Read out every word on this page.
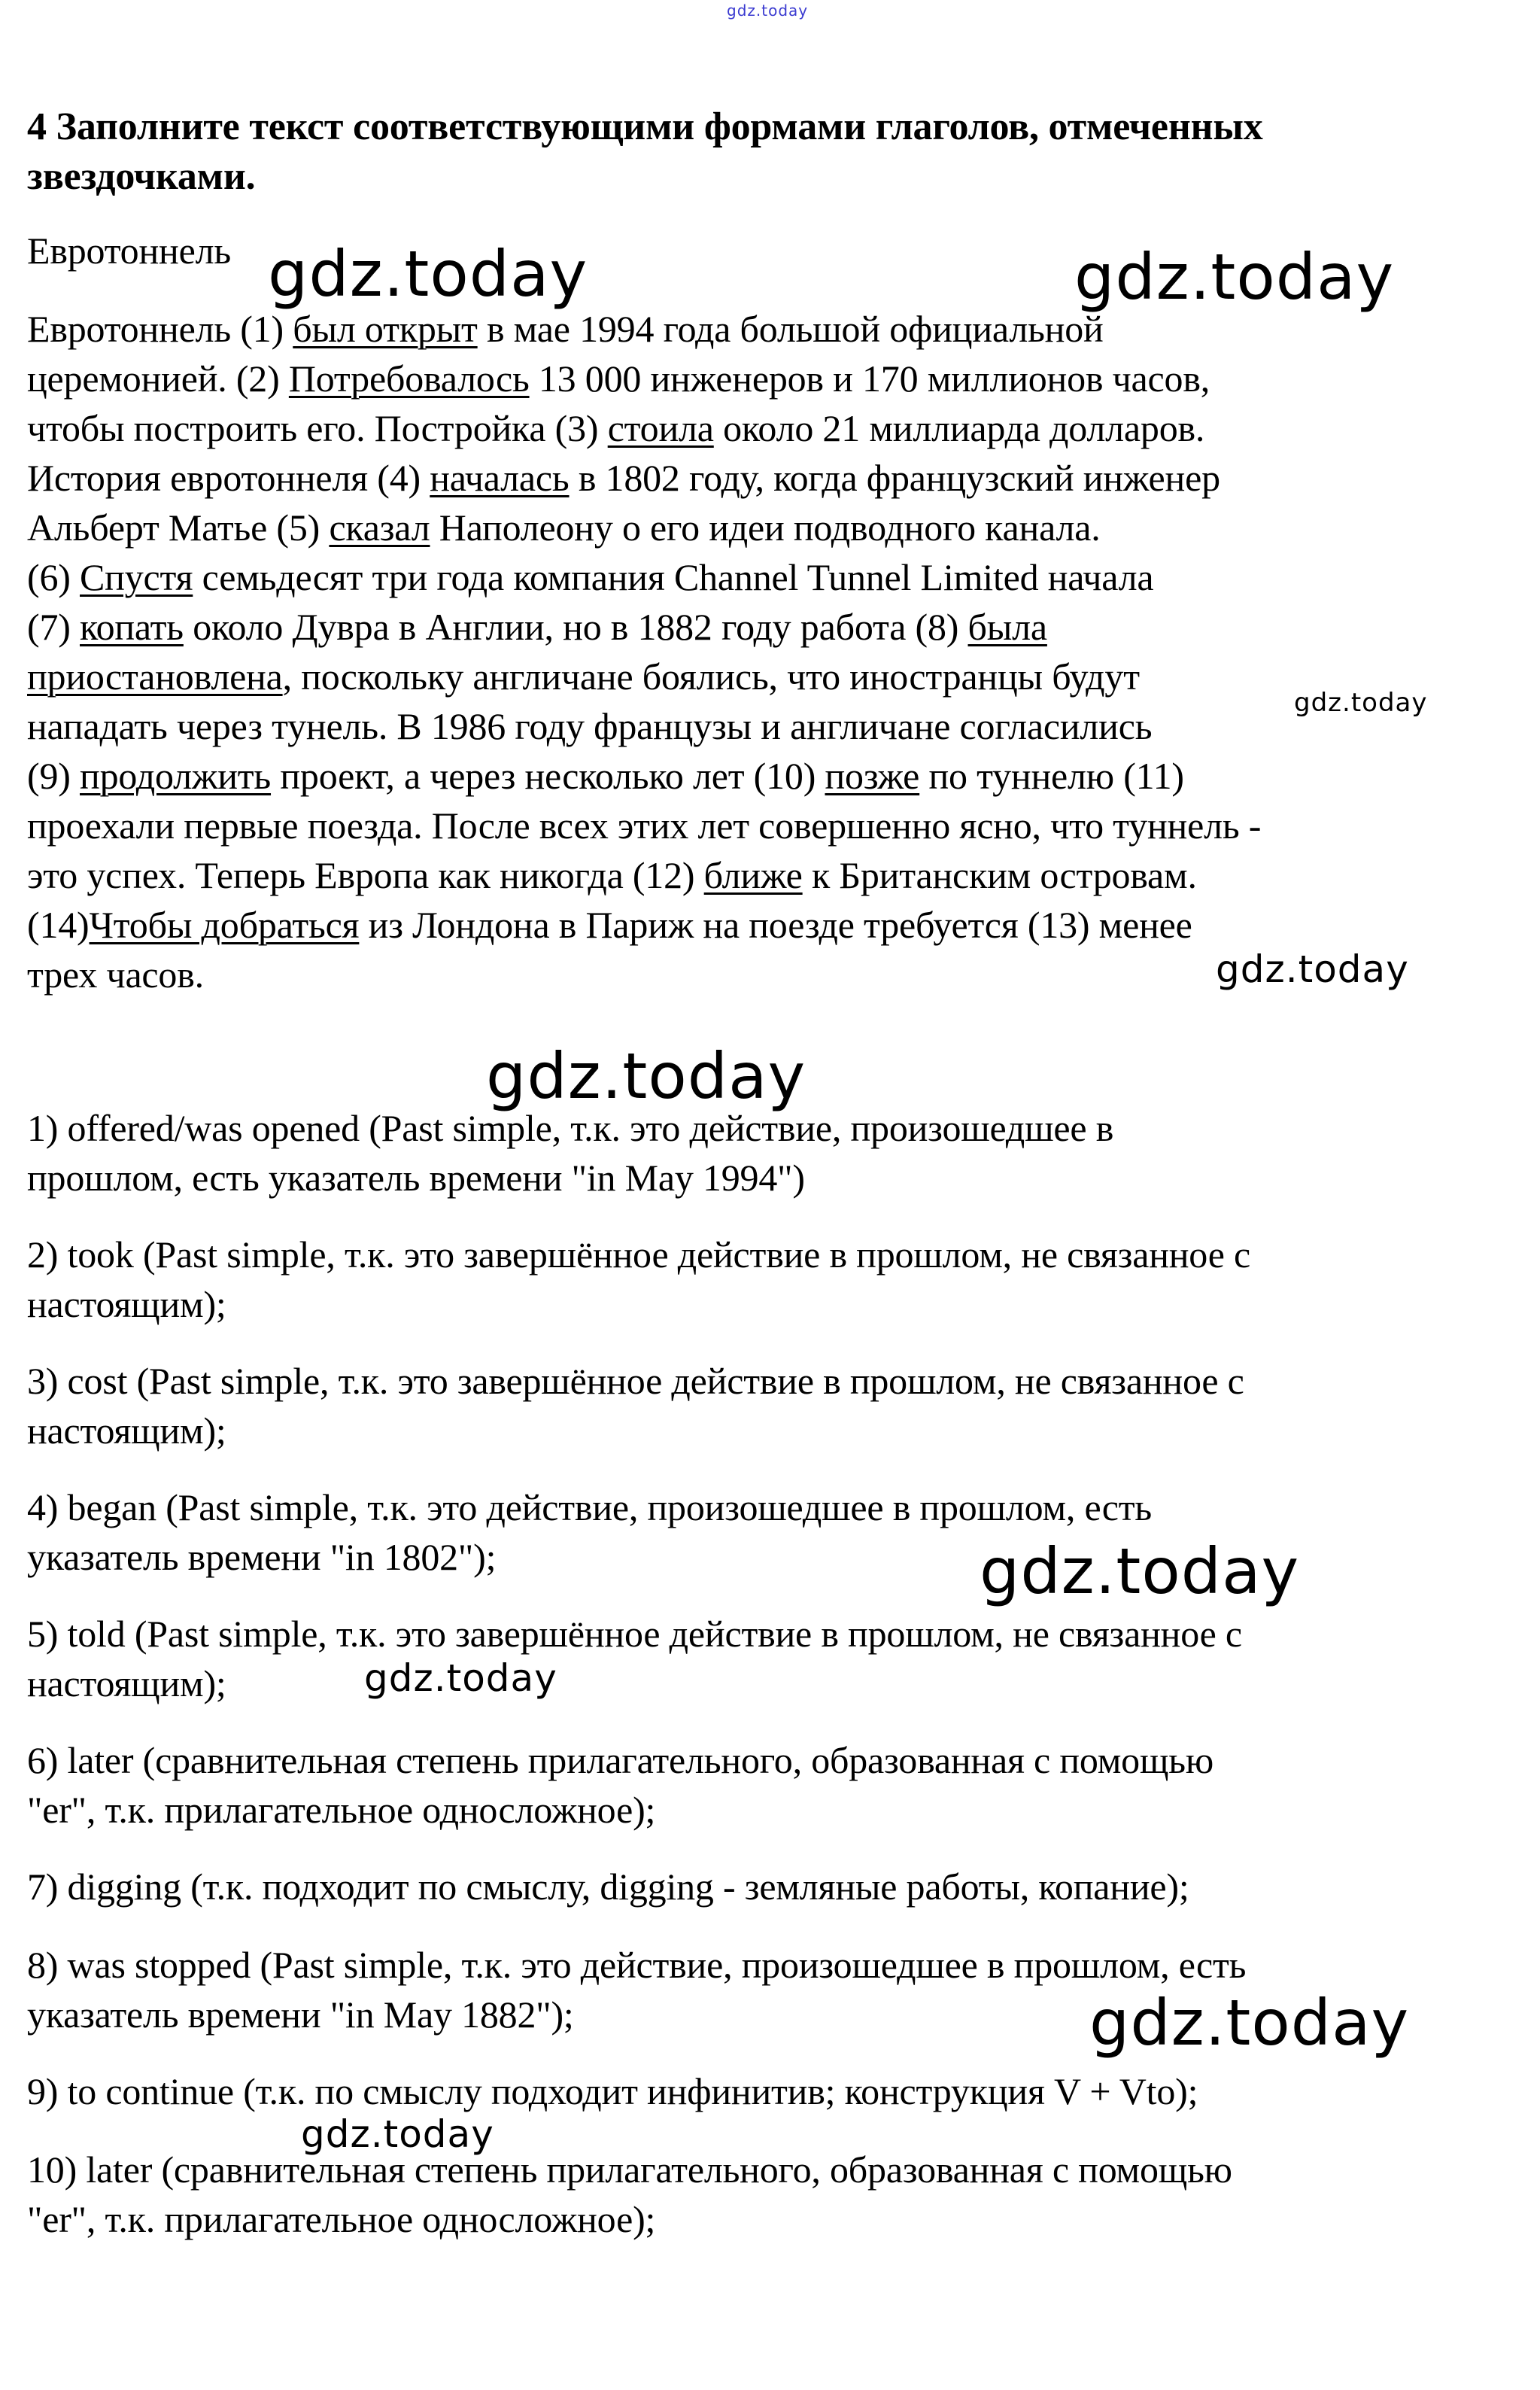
gdz.today
4 Заполните текст соответствующими формами глаголов, отмеченных
звездочками.
Евротоннель
Евротоннель (1) был открыт в мае 1994 года большой официальной
церемонией. (2) Потребовалось 13 000 инженеров и 170 миллионов часов,
чтобы построить его. Постройка (3) стоила около 21 миллиарда долларов.
История евротоннеля (4) началась в 1802 году, когда французский инженер
Альберт Матье (5) сказал Наполеону о его идеи подводного канала.
(6) Спустя семьдесят три года компания Channel Tunnel Limited начала
(7) копать около Дувра в Англии, но в 1882 году работа (8) была
приостановлена, поскольку англичане боялись, что иностранцы будут
нападать через тунель. В 1986 году французы и англичане согласились
(9) продолжить проект, а через несколько лет (10) позже по туннелю (11)
проехали первые поезда. После всех этих лет совершенно ясно, что туннель -
это успех. Теперь Европа как никогда (12) ближе к Британским островам.
(14)Чтобы добраться из Лондона в Париж на поезде требуется (13) менее
трех часов.
1) offered/was opened (Past simple, т.к. это действие, произошедшее в
прошлом, есть указатель времени "in May 1994")
2) took (Past simple, т.к. это завершённое действие в прошлом, не связанное с
настоящим);
3) cost (Past simple, т.к. это завершённое действие в прошлом, не связанное с
настоящим);
4) began (Past simple, т.к. это действие, произошедшее в прошлом, есть
указатель времени "in 1802");
5) told (Past simple, т.к. это завершённое действие в прошлом, не связанное с
настоящим);
6) later (сравнительная степень прилагательного, образованная с помощью
"er", т.к. прилагательное односложное);
7) digging (т.к. подходит по смыслу, digging - земляные работы, копание);
8) was stopped (Past simple, т.к. это действие, произошедшее в прошлом, есть
указатель времени "in May 1882");
9) to continue (т.к. по смыслу подходит инфинитив; конструкция V + Vto);
10) later (сравнительная степень прилагательного, образованная с помощью
"er", т.к. прилагательное односложное);
gdz.today	gdz.today
gdz.today
gdz.today
gdz.today
gdz.today
gdz.today
gdz.today
gdz.today
